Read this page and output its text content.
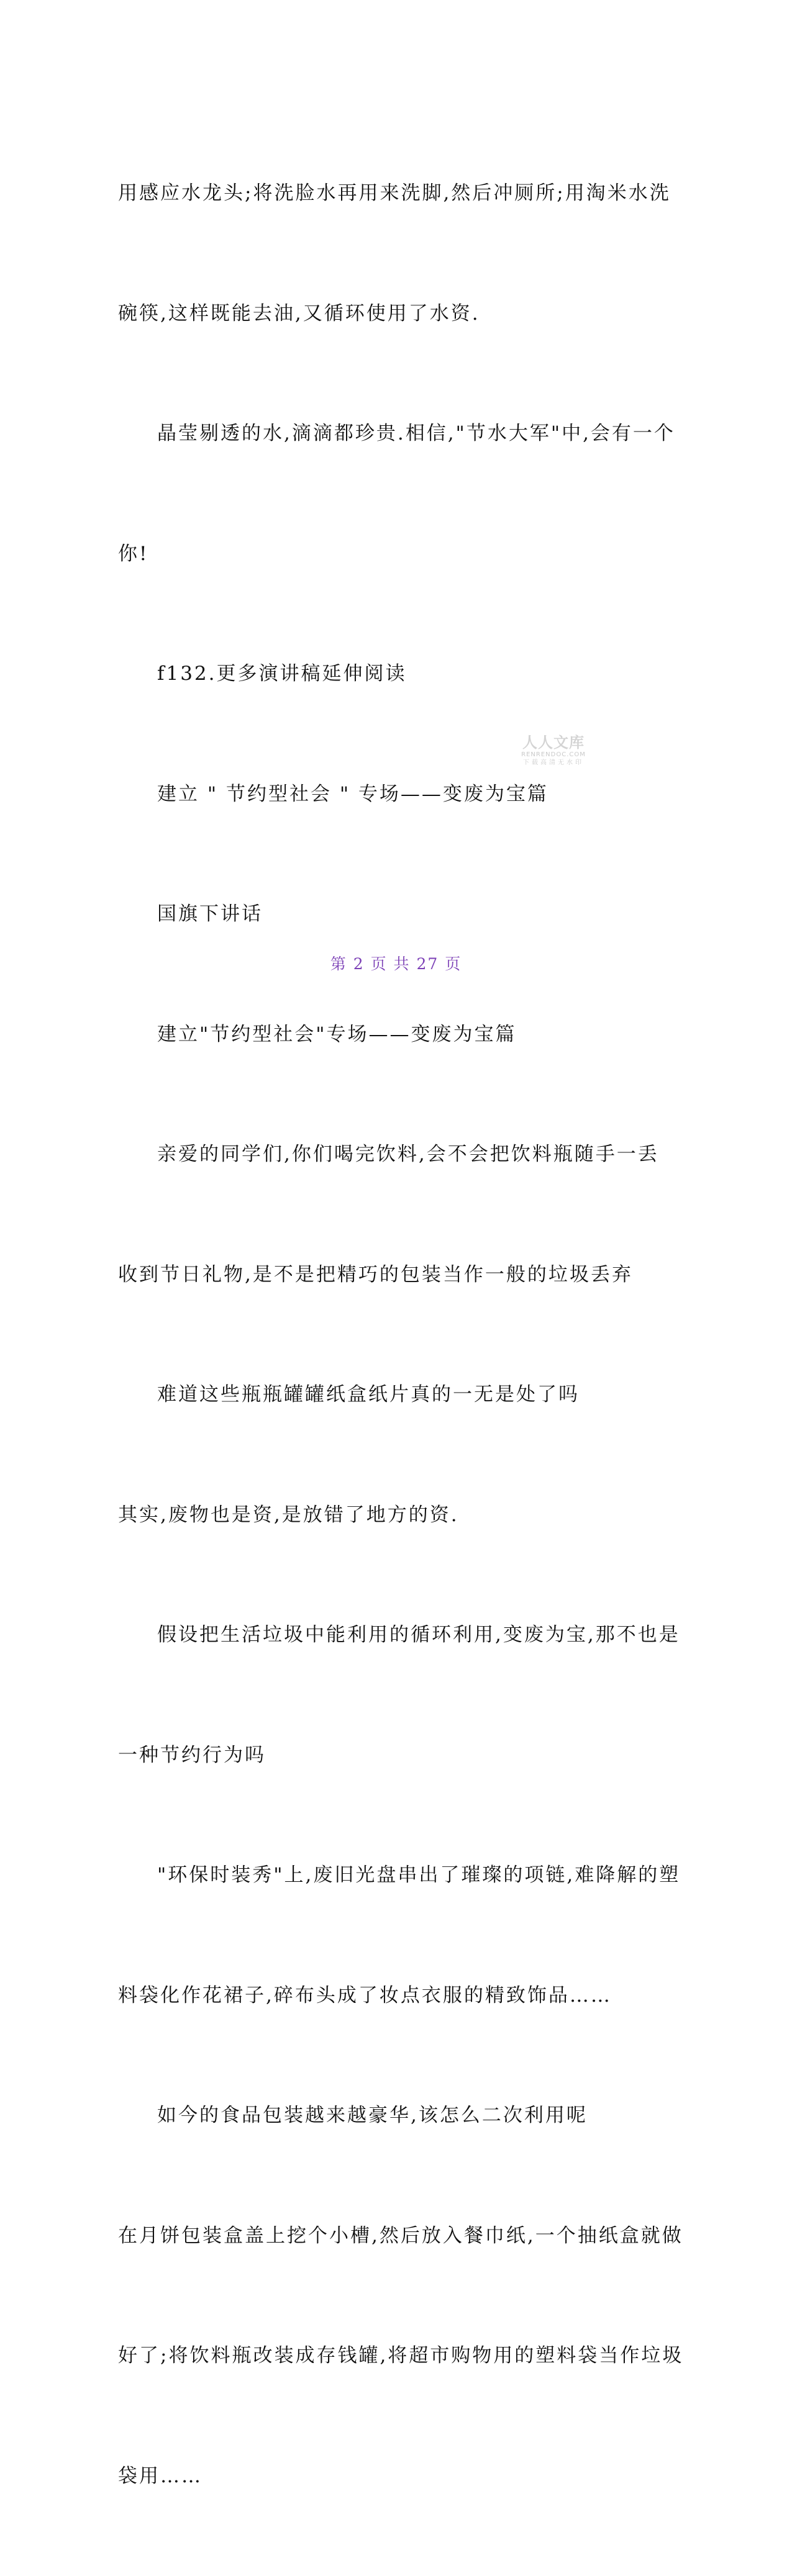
用感应水龙头;将洗脸水再用来洗脚,然后冲厕所;用淘米水洗

碗筷,这样既能去油,又循环使用了水资.

晶莹剔透的水,滴滴都珍贵.相信,"节水大军"中,会有一个

你!

f132.更多演讲稿延伸阅读

建立 " 节约型社会 " 专场——变废为宝篇

国旗下讲话

建立"节约型社会"专场——变废为宝篇

亲爱的同学们,你们喝完饮料,会不会把饮料瓶随手一丢

收到节日礼物,是不是把精巧的包装当作一般的垃圾丢弃

难道这些瓶瓶罐罐纸盒纸片真的一无是处了吗

其实,废物也是资,是放错了地方的资.

假设把生活垃圾中能利用的循环利用,变废为宝,那不也是

一种节约行为吗

"环保时装秀"上,废旧光盘串出了璀璨的项链,难降解的塑

料袋化作花裙子,碎布头成了妆点衣服的精致饰品……

如今的食品包装越来越豪华,该怎么二次利用呢

在月饼包装盒盖上挖个小槽,然后放入餐巾纸,一个抽纸盒就做

好了;将饮料瓶改装成存钱罐,将超市购物用的塑料袋当作垃圾

袋用……

人人文库
RENRENDOC.COM
下载高清无水印
第 2 页 共 27 页
